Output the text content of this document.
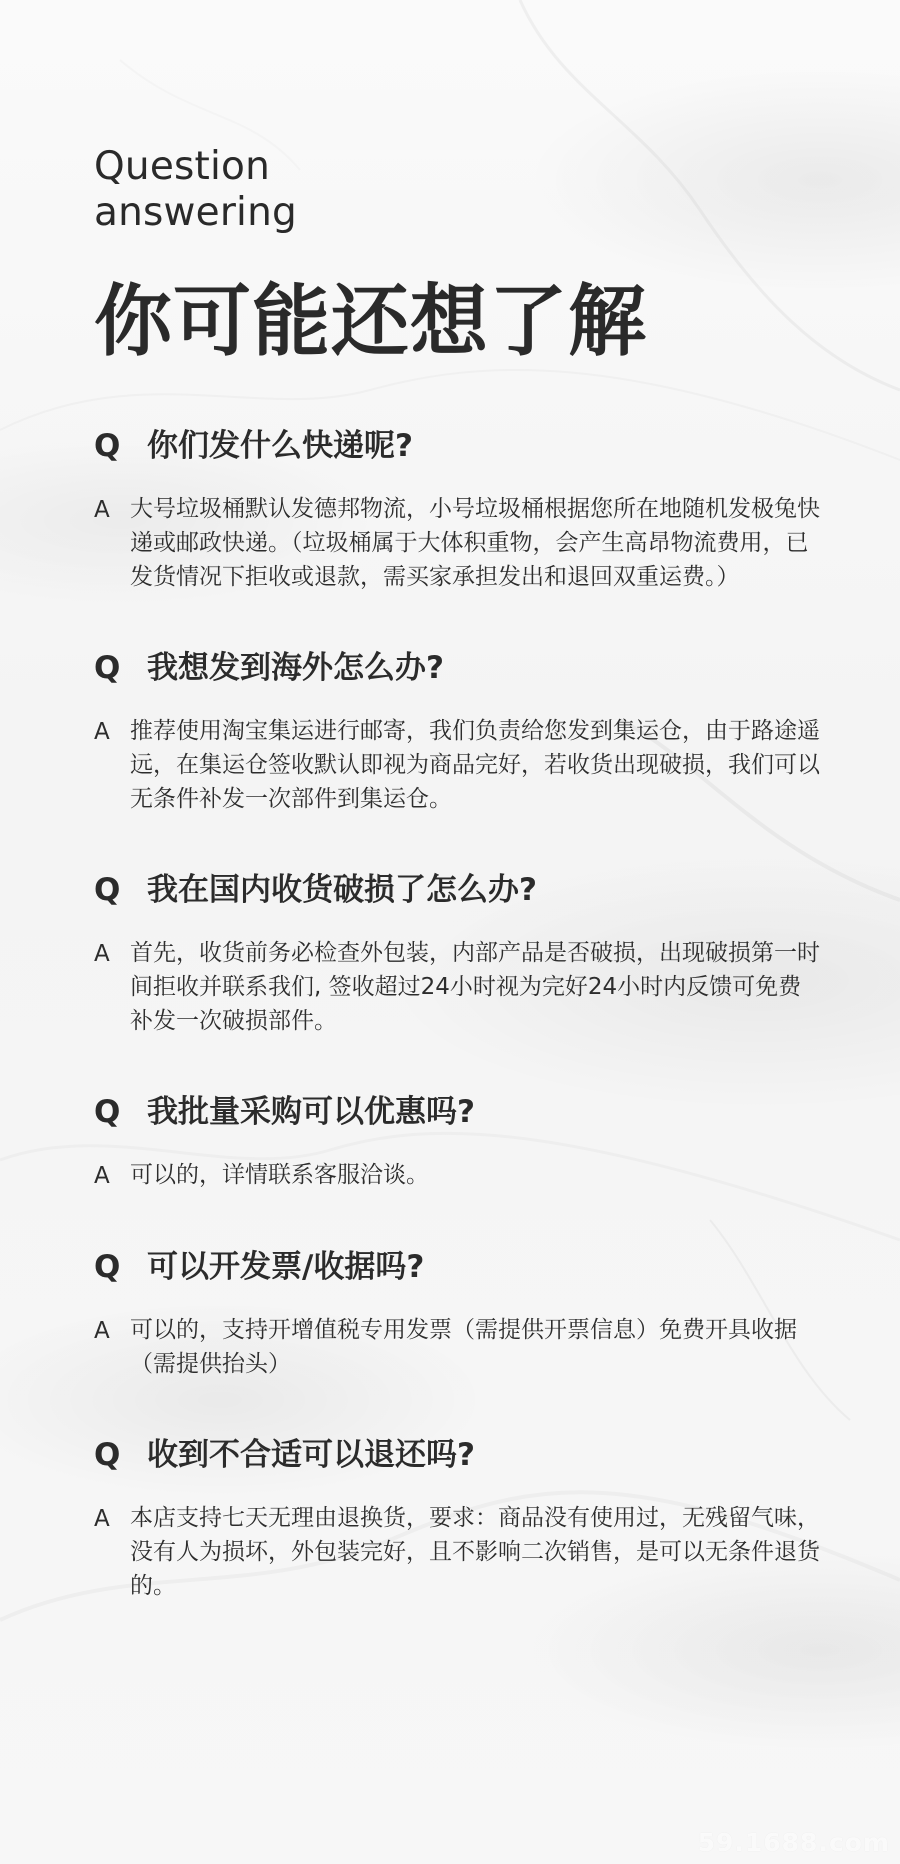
Question
answering
你可能还想了解
Q 你们发什么快递呢?
A 大号垃圾桶默认发德邦物流，小号垃圾桶根据您所在地随机发极兔快递或邮政快递。（垃圾桶属于大体积重物，会产生高昂物流费用，已发货情况下拒收或退款，需买家承担发出和退回双重运费。）
Q 我想发到海外怎么办?
A 推荐使用淘宝集运进行邮寄，我们负责给您发到集运仓，由于路途遥远，在集运仓签收默认即视为商品完好，若收货出现破损，我们可以无条件补发一次部件到集运仓。
Q 我在国内收货破损了怎么办?
A 首先，收货前务必检查外包装，内部产品是否破损，出现破损第一时间拒收并联系我们, 签收超过24小时视为完好24小时内反馈可免费补发一次破损部件。
Q 我批量采购可以优惠吗?
A 可以的，详情联系客服洽谈。
Q 可以开发票/收据吗?
A 可以的，支持开增值税专用发票（需提供开票信息）免费开具收据（需提供抬头）
Q 收到不合适可以退还吗?
A 本店支持七天无理由退换货，要求：商品没有使用过，无残留气味，没有人为损坏，外包装完好，且不影响二次销售，是可以无条件退货的。
59.1688.com
